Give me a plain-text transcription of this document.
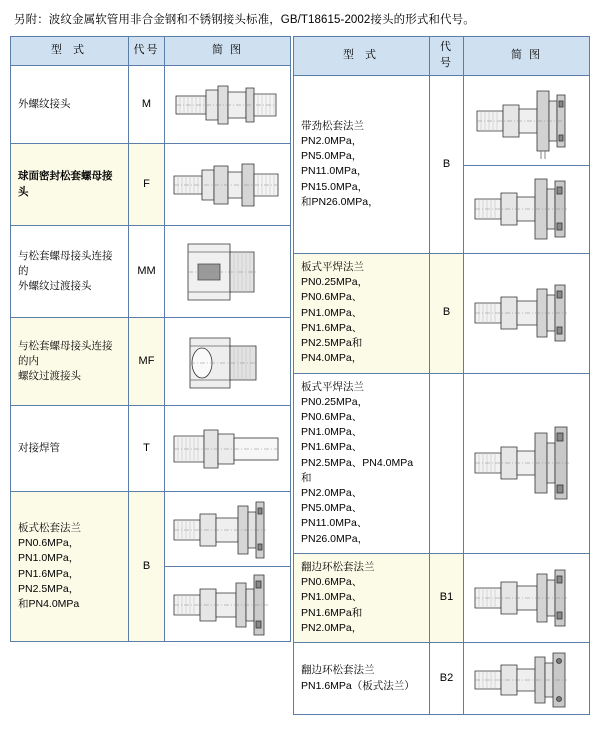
另附：波纹金属软管用非合金钢和不锈钢接头标准，GB/T18615-2002接头的形式和代号。
型 式	代号	简 图

外螺纹接头	M	

球面密封松套螺母接头	F	

与松套螺母接头连接的
外螺纹过渡接头	MM	

与松套螺母接头连接的内
螺纹过渡接头	MF	

对接焊管	T	

板式松套法兰
PN0.6MPa，PN1.0MPa，
PN1.6MPa，PN2.5MPa，
和PN4.0MPa	B	
型 式	代号	简 图

带劲松套法兰
PN2.0MPa，PN5.0MPa，
PN11.0MPa，PN15.0MPa，
和PN26.0MPa，	B	

板式平焊法兰
PN0.25MPa，PN0.6MPa、
PN1.0MPa、PN1.6MPa、
PN2.5MPa和PN4.0MPa，	B	

板式平焊法兰
PN0.25MPa，PN0.6MPa、
PN1.0MPa、PN1.6MPa、
PN2.5MPa、PN4.0MPa 和
PN2.0MPa、PN5.0MPa、
PN11.0MPa、PN26.0MPa，

翻边环松套法兰
PN0.6MPa、PN1.0MPa、
PN1.6MPa和PN2.0MPa，	B1	

翻边环松套法兰
PN1.6MPa（板式法兰）	B2	
